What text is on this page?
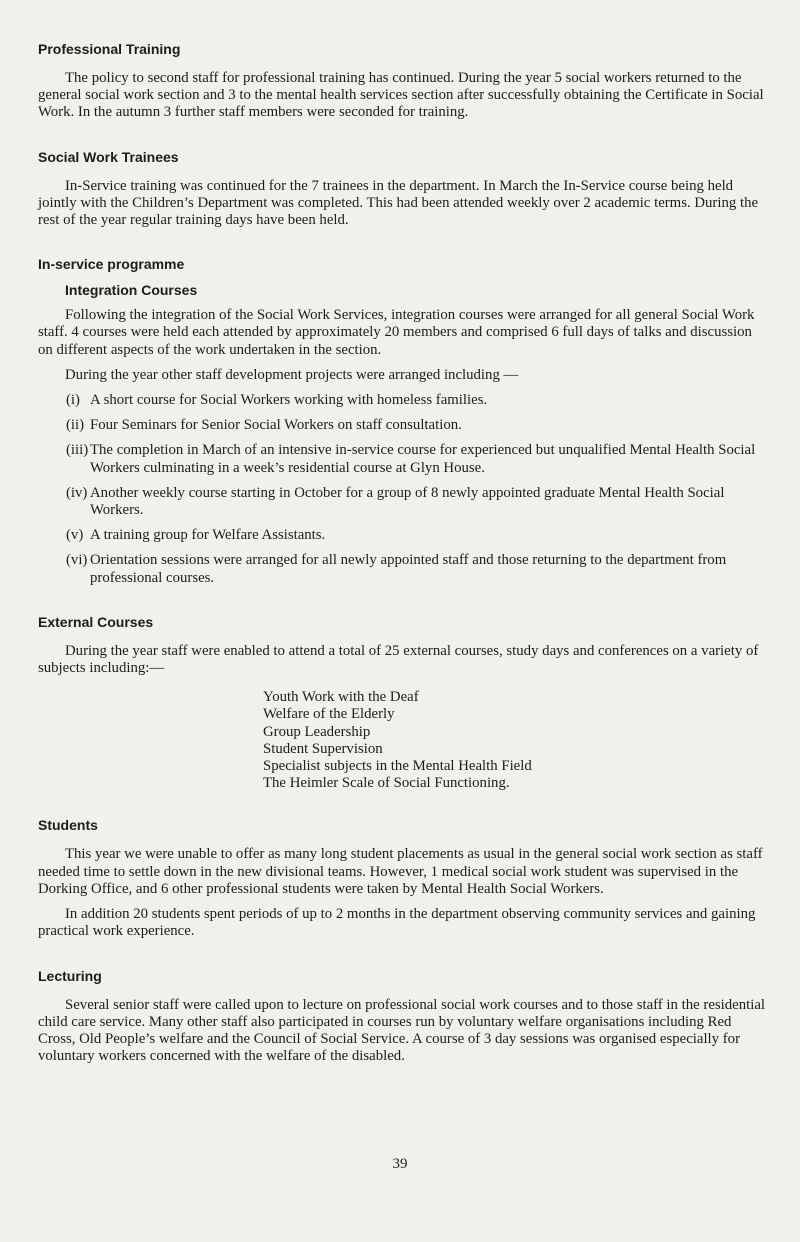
Professional Training

The policy to second staff for professional training has continued. During the year 5 social workers returned to the general social work section and 3 to the mental health services section after successfully obtaining the Certificate in Social Work. In the autumn 3 further staff members were seconded for training.

Social Work Trainees

In-Service training was continued for the 7 trainees in the department. In March the In-Service course being held jointly with the Children’s Department was completed. This had been attended weekly over 2 academic terms. During the rest of the year regular training days have been held.

In-service programme
Integration Courses

Following the integration of the Social Work Services, integration courses were arranged for all general Social Work staff. 4 courses were held each attended by approximately 20 members and comprised 6 full days of talks and discussion on different aspects of the work undertaken in the section.

During the year other staff development projects were arranged including —

(i) A short course for Social Workers working with homeless families.
(ii) Four Seminars for Senior Social Workers on staff consultation.
(iii) The completion in March of an intensive in-service course for experienced but unqualified Mental Health Social Workers culminating in a week’s residential course at Glyn House.
(iv) Another weekly course starting in October for a group of 8 newly appointed graduate Mental Health Social Workers.
(v) A training group for Welfare Assistants.
(vi) Orientation sessions were arranged for all newly appointed staff and those returning to the department from professional courses.
External Courses

During the year staff were enabled to attend a total of 25 external courses, study days and conferences on a variety of subjects including:—

Youth Work with the Deaf
Welfare of the Elderly
Group Leadership
Student Supervision
Specialist subjects in the Mental Health Field
The Heimler Scale of Social Functioning.
Students

This year we were unable to offer as many long student placements as usual in the general social work section as staff needed time to settle down in the new divisional teams. However, 1 medical social work student was supervised in the Dorking Office, and 6 other professional students were taken by Mental Health Social Workers.

In addition 20 students spent periods of up to 2 months in the department observing community services and gaining practical work experience.

Lecturing

Several senior staff were called upon to lecture on professional social work courses and to those staff in the residential child care service. Many other staff also participated in courses run by voluntary welfare organisations including Red Cross, Old People’s welfare and the Council of Social Service. A course of 3 day sessions was organised especially for voluntary workers concerned with the welfare of the disabled.

39
